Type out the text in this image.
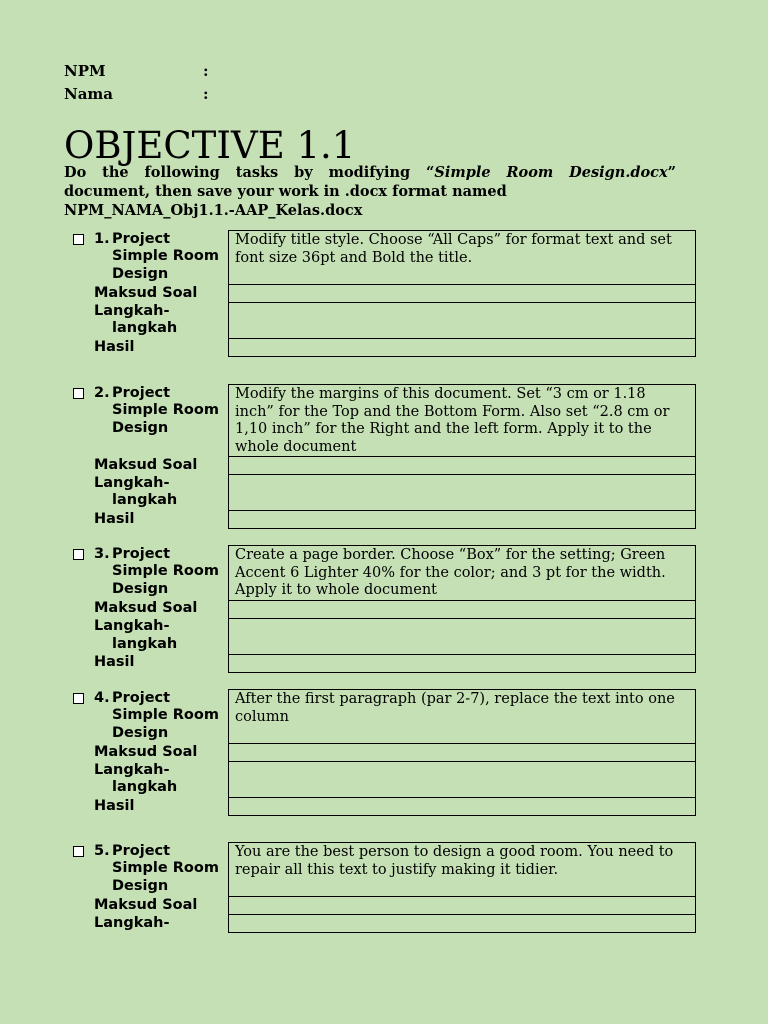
NPM	:
Nama	:
OBJECTIVE 1.1
Do the following tasks by modifying “Simple Room Design.docx” document, then save your work in .docx format named
NPM_NAMA_Obj1.1.-AAP_Kelas.docx
1. Project
Simple Room
Design	Modify title style. Choose “All Caps” for format text and set font size 36pt and Bold the title.

Maksud Soal	

Langkah-
langkah	

Hasil	

2. Project
Simple Room
Design	Modify the margins of this document. Set “3 cm or 1.18 inch” for the Top and the Bottom Form. Also set “2.8 cm or 1,10 inch” for the Right and the left form. Apply it to the whole document

Maksud Soal	

Langkah-
langkah	

Hasil	

3. Project
Simple Room
Design	Create a page border. Choose “Box” for the setting; Green Accent 6 Lighter 40% for the color; and 3 pt for the width. Apply it to whole document

Maksud Soal	

Langkah-
langkah	

Hasil	

4. Project
Simple Room
Design	After the first paragraph (par 2-7), replace the text into one column

Maksud Soal	

Langkah-
langkah	

Hasil	

5. Project
Simple Room
Design	You are the best person to design a good room. You need to repair all this text to justify making it tidier.

Maksud Soal	

Langkah-	
